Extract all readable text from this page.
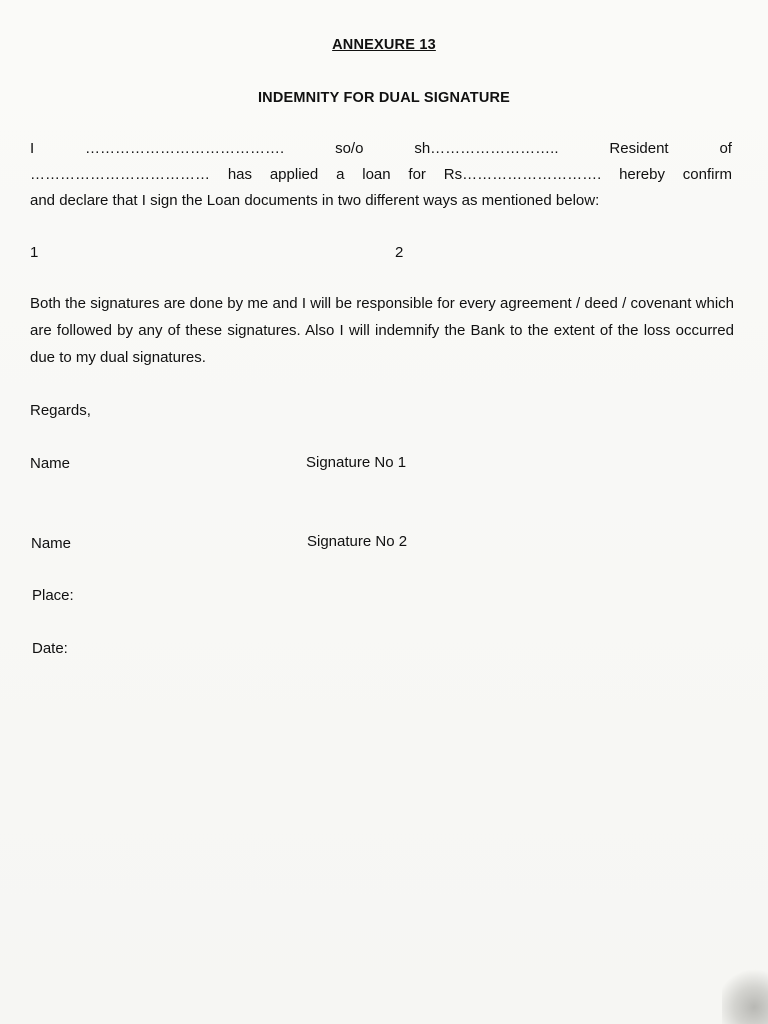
ANNEXURE 13
INDEMNITY FOR DUAL SIGNATURE
I	………………………………….	so/o	sh……………………..	Resident	of
……………………………… has applied a loan for Rs………………………. hereby confirm
and declare that I sign the Loan documents in two different ways as mentioned below:
1	2
Both the signatures are done by me and I will be responsible for every agreement / deed / covenant which are followed by any of these signatures. Also I will indemnify the Bank to the extent of the loss occurred due to my dual signatures.
Regards,
Name	Signature No 1
Name	Signature No 2
Place:
Date:
